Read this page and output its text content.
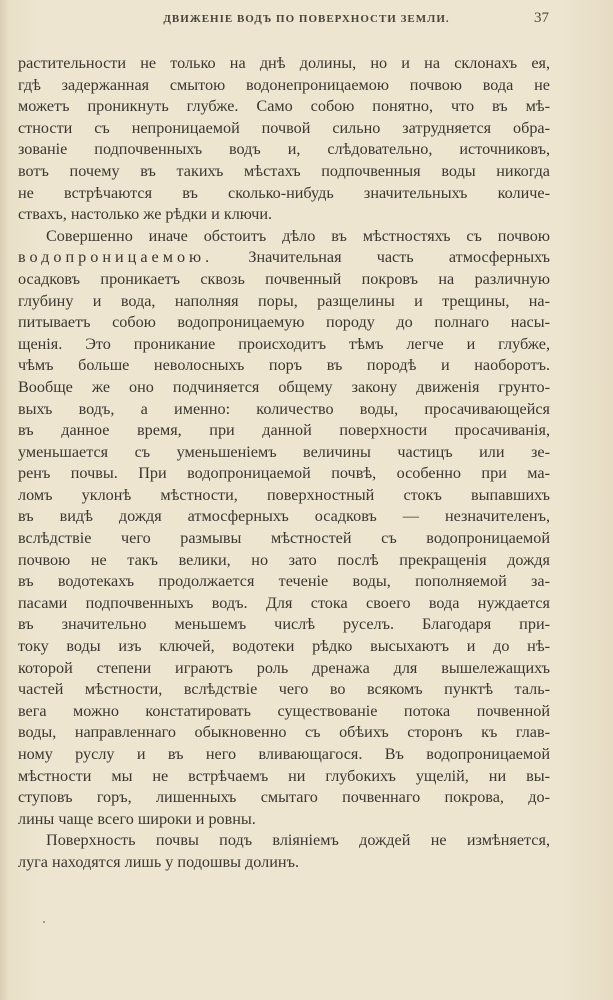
ДВИЖЕНІЕ ВОДЪ ПО ПОВЕРХНОСТИ ЗЕМЛИ.	37
растительности не только на днѣ долины, но и на склонахъ ея,
гдѣ задержанная смытою водонепроницаемою почвою вода не
можетъ проникнуть глубже. Само собою понятно, что въ мѣ-
стности съ непроницаемой почвой сильно затрудняется обра-
зованіе подпочвенныхъ водъ и, слѣдовательно, источниковъ,
вотъ почему въ такихъ мѣстахъ подпочвенныя воды никогда
не встрѣчаются въ сколько-нибудь значительныхъ количе-
ствахъ, настолько же рѣдки и ключи.
Совершенно иначе обстоитъ дѣло въ мѣстностяхъ съ почвою
водопроницаемою. Значительная часть атмосферныхъ
осадковъ проникаетъ сквозь почвенный покровъ на различную
глубину и вода, наполняя поры, разщелины и трещины, на-
питываетъ собою водопроницаемую породу до полнаго насы-
щенія. Это проникание происходитъ тѣмъ легче и глубже,
чѣмъ больше неволосныхъ поръ въ породѣ и наоборотъ.
Вообще же оно подчиняется общему закону движенія грунто-
выхъ водъ, а именно: количество воды, просачивающейся
въ данное время, при данной поверхности просачиванія,
уменьшается съ уменьшеніемъ величины частицъ или зе-
ренъ почвы. При водопроницаемой почвѣ, особенно при ма-
ломъ уклонѣ мѣстности, поверхностный стокъ выпавшихъ
въ видѣ дождя атмосферныхъ осадковъ — незначителенъ,
вслѣдствіе чего размывы мѣстностей съ водопроницаемой
почвою не такъ велики, но зато послѣ прекращенія дождя
въ водотекахъ продолжается теченіе воды, пополняемой за-
пасами подпочвенныхъ водъ. Для стока своего вода нуждается
въ значительно меньшемъ числѣ руселъ. Благодаря при-
току воды изъ ключей, водотеки рѣдко высыхаютъ и до нѣ-
которой степени играютъ роль дренажа для вышележащихъ
частей мѣстности, вслѣдствіе чего во всякомъ пунктѣ таль-
вега можно констатировать существованіе потока почвенной
воды, направленнаго обыкновенно съ обѣихъ сторонъ къ глав-
ному руслу и въ него вливающагося. Въ водопроницаемой
мѣстности мы не встрѣчаемъ ни глубокихъ ущелій, ни вы-
ступовъ горъ, лишенныхъ смытаго почвеннаго покрова, до-
лины чаще всего широки и ровны.
Поверхность почвы подъ вліяніемъ дождей не измѣняется,
луга находятся лишь у подошвы долинъ.
